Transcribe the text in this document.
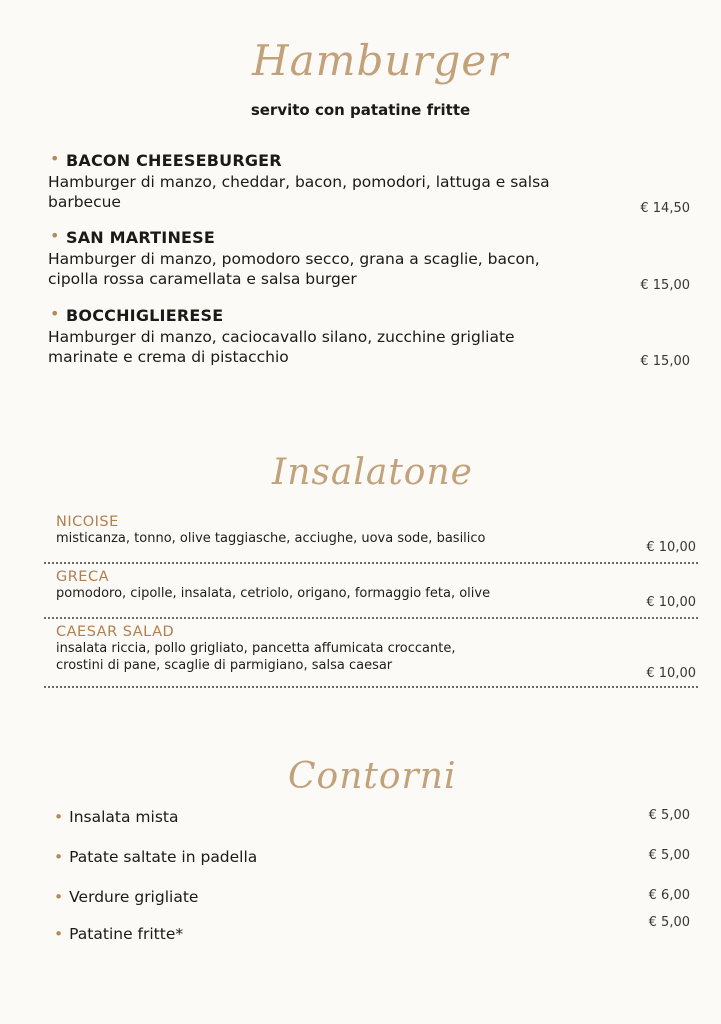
Hamburger
servito con patatine fritte
• BACON CHEESEBURGER
Hamburger di manzo, cheddar, bacon, pomodori, lattuga e salsa
barbecue	€ 14,50
• SAN MARTINESE
Hamburger di manzo, pomodoro secco, grana a scaglie, bacon,
cipolla rossa caramellata e salsa burger	€ 15,00
• BOCCHIGLIERESE
Hamburger di manzo, caciocavallo silano, zucchine grigliate
marinate e crema di pistacchio	€ 15,00
Insalatone
NICOISE
misticanza, tonno, olive taggiasche, acciughe, uova sode, basilico
€ 10,00
GRECA
pomodoro, cipolle, insalata, cetriolo, origano, formaggio feta, olive
€ 10,00
CAESAR SALAD
insalata riccia, pollo grigliato, pancetta affumicata croccante,
crostini di pane, scaglie di parmigiano, salsa caesar
€ 10,00
Contorni
• Insalata mista	€ 5,00
• Patate saltate in padella	€ 5,00
• Verdure grigliate	€ 6,00
• Patatine fritte*
€ 5,00
